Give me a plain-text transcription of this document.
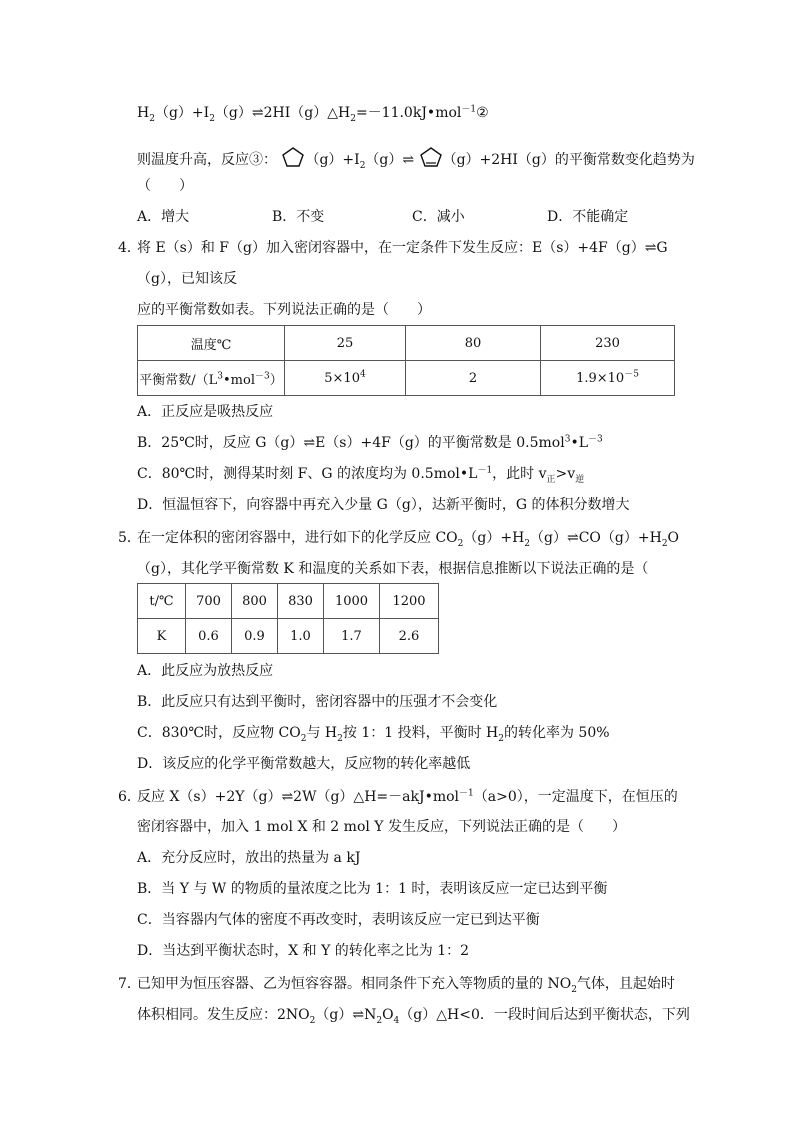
$H_2(g)+I_2(g)\rightleftharpoons 2HI(g)\triangle H_2=-11.0kJ•mol^{-1}②$
则温度升高，反应③： $(g)+I_2(g)\rightleftharpoons$ （g）+2HI（g）的平衡常数变化趋势为
（　　）
A．增大	B．不变	C．减小	D．不能确定
4．
将 E（s）和 F（g）加入密闭容器中，在一定条件下发生反应：E（s）+4F（g）⇌G
（g），已知该反
应的平衡常数如表。下列说法正确的是（　　）
温度℃	25	80	230
平衡常数$/(L^3•mol^{-3})$	$5\times 10^4$	2	$1.9\times 10^{-5}$
A．正反应是吸热反应
B．25℃时，反应 G（g）⇌E（s）+4F（g）的平衡常数是 $0.5mol^3•L^{-3}$
C．80℃时，测得某时刻 F、G 的浓度均为 $0.5mol•L^{-1}$，此时 $v_正>v_逆$
D．恒温恒容下，向容器中再充入少量 G（g），达新平衡时，G 的体积分数增大
5．
在一定体积的密闭容器中，进行如下的化学反应 $CO_2(g)+H_2(g)\rightleftharpoons CO(g)+H_2O$
（g），其化学平衡常数 K 和温度的关系如下表，根据信息推断以下说法正确的是（
t/℃	700	800	830	1000	1200
K	0.6	0.9	1.0	1.7	2.6
A．此反应为放热反应
B．此反应只有达到平衡时，密闭容器中的压强才不会变化
C．830℃时，反应物 $CO_2$与 $H_2$按 1：1 投料，平衡时 $H_2$的转化率为 50%
D．该反应的化学平衡常数越大，反应物的转化率越低
6．
反应 X（s）+2Y（g）⇌2W（g）△H=－akJ•mol$^{-1}$（a>0），一定温度下，在恒压的
密闭容器中，加入 1 mol X 和 2 mol Y 发生反应，下列说法正确的是（　　）
A．充分反应时，放出的热量为 a kJ
B．当 Y 与 W 的物质的量浓度之比为 1：1 时，表明该反应一定已达到平衡
C．当容器内气体的密度不再改变时，表明该反应一定已到达平衡
D．当达到平衡状态时，X 和 Y 的转化率之比为 1：2
7．
已知甲为恒压容器、乙为恒容容器。相同条件下充入等物质的量的 $NO_2$气体，且起始时
体积相同。发生反应：$2NO_2(g)\rightleftharpoons N_2O_4(g)\triangle H<0$．一段时间后达到平衡状态，下列
